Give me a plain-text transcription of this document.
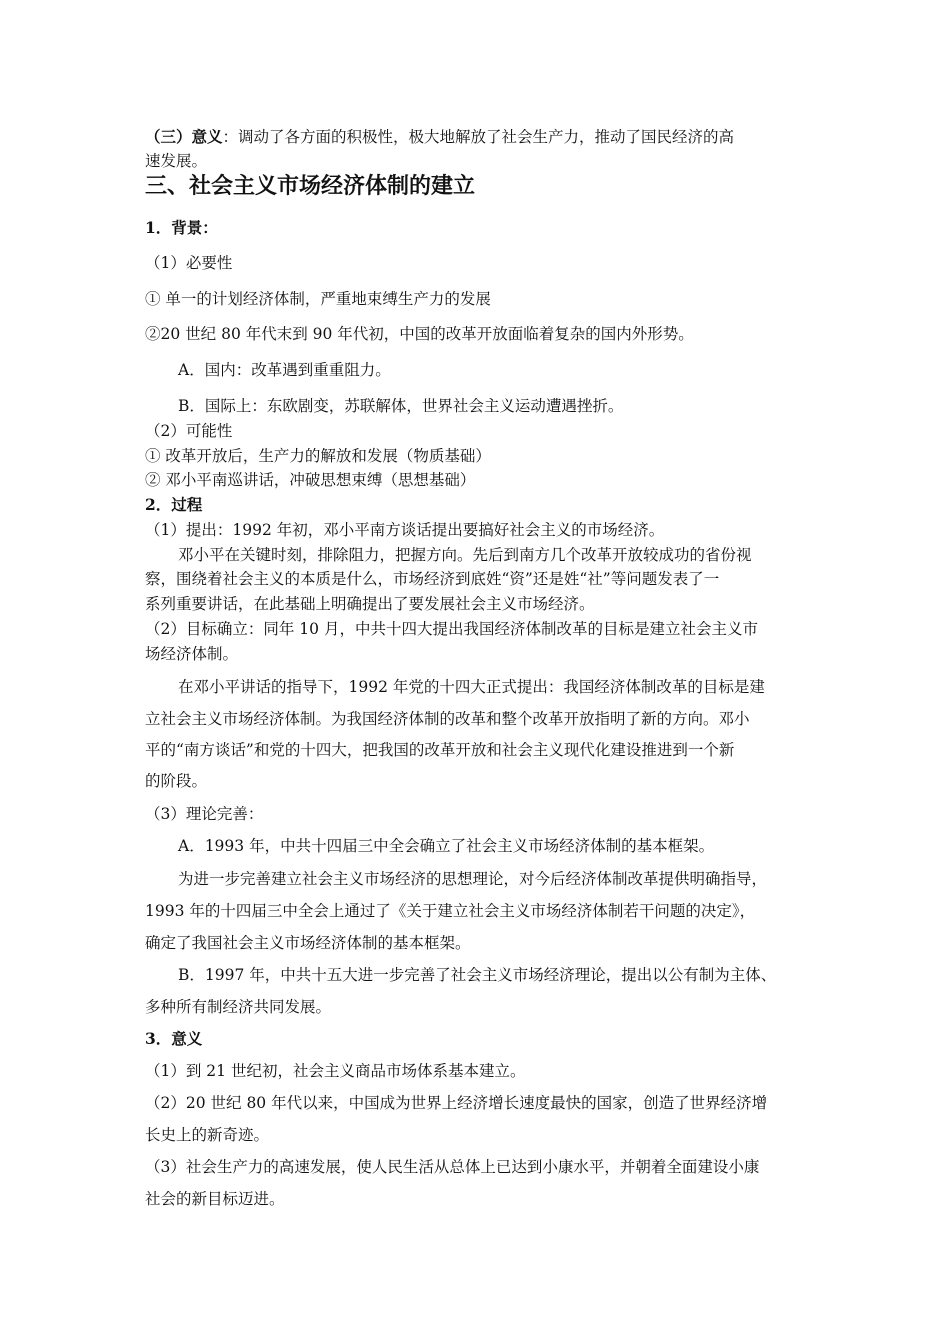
（三）意义：调动了各方面的积极性，极大地解放了社会生产力，推动了国民经济的高
速发展。
三、社会主义市场经济体制的建立
1．背景：
（1）必要性
① 单一的计划经济体制，严重地束缚生产力的发展
②20 世纪 80 年代末到 90 年代初，中国的改革开放面临着复杂的国内外形势。
A．国内：改革遇到重重阻力。
B．国际上：东欧剧变，苏联解体，世界社会主义运动遭遇挫折。
（2）可能性
① 改革开放后，生产力的解放和发展（物质基础）
② 邓小平南巡讲话，冲破思想束缚（思想基础）
2．过程
（1）提出：1992 年初，邓小平南方谈话提出要搞好社会主义的市场经济。
邓小平在关键时刻，排除阻力，把握方向。先后到南方几个改革开放较成功的省份视
察，围绕着社会主义的本质是什么，市场经济到底姓“资”还是姓“社”等问题发表了一
系列重要讲话，在此基础上明确提出了要发展社会主义市场经济。
（2）目标确立：同年 10 月，中共十四大提出我国经济体制改革的目标是建立社会主义市
场经济体制。
在邓小平讲话的指导下，1992 年党的十四大正式提出：我国经济体制改革的目标是建
立社会主义市场经济体制。为我国经济体制的改革和整个改革开放指明了新的方向。邓小
平的“南方谈话”和党的十四大，把我国的改革开放和社会主义现代化建设推进到一个新
的阶段。
（3）理论完善：
A．1993 年，中共十四届三中全会确立了社会主义市场经济体制的基本框架。
为进一步完善建立社会主义市场经济的思想理论，对今后经济体制改革提供明确指导，
1993 年的十四届三中全会上通过了《关于建立社会主义市场经济体制若干问题的决定》，
确定了我国社会主义市场经济体制的基本框架。
B．1997 年，中共十五大进一步完善了社会主义市场经济理论，提出以公有制为主体、
多种所有制经济共同发展。
3．意义
（1）到 21 世纪初，社会主义商品市场体系基本建立。
（2）20 世纪 80 年代以来，中国成为世界上经济增长速度最快的国家，创造了世界经济增
长史上的新奇迹。
（3）社会生产力的高速发展，使人民生活从总体上已达到小康水平，并朝着全面建设小康
社会的新目标迈进。
